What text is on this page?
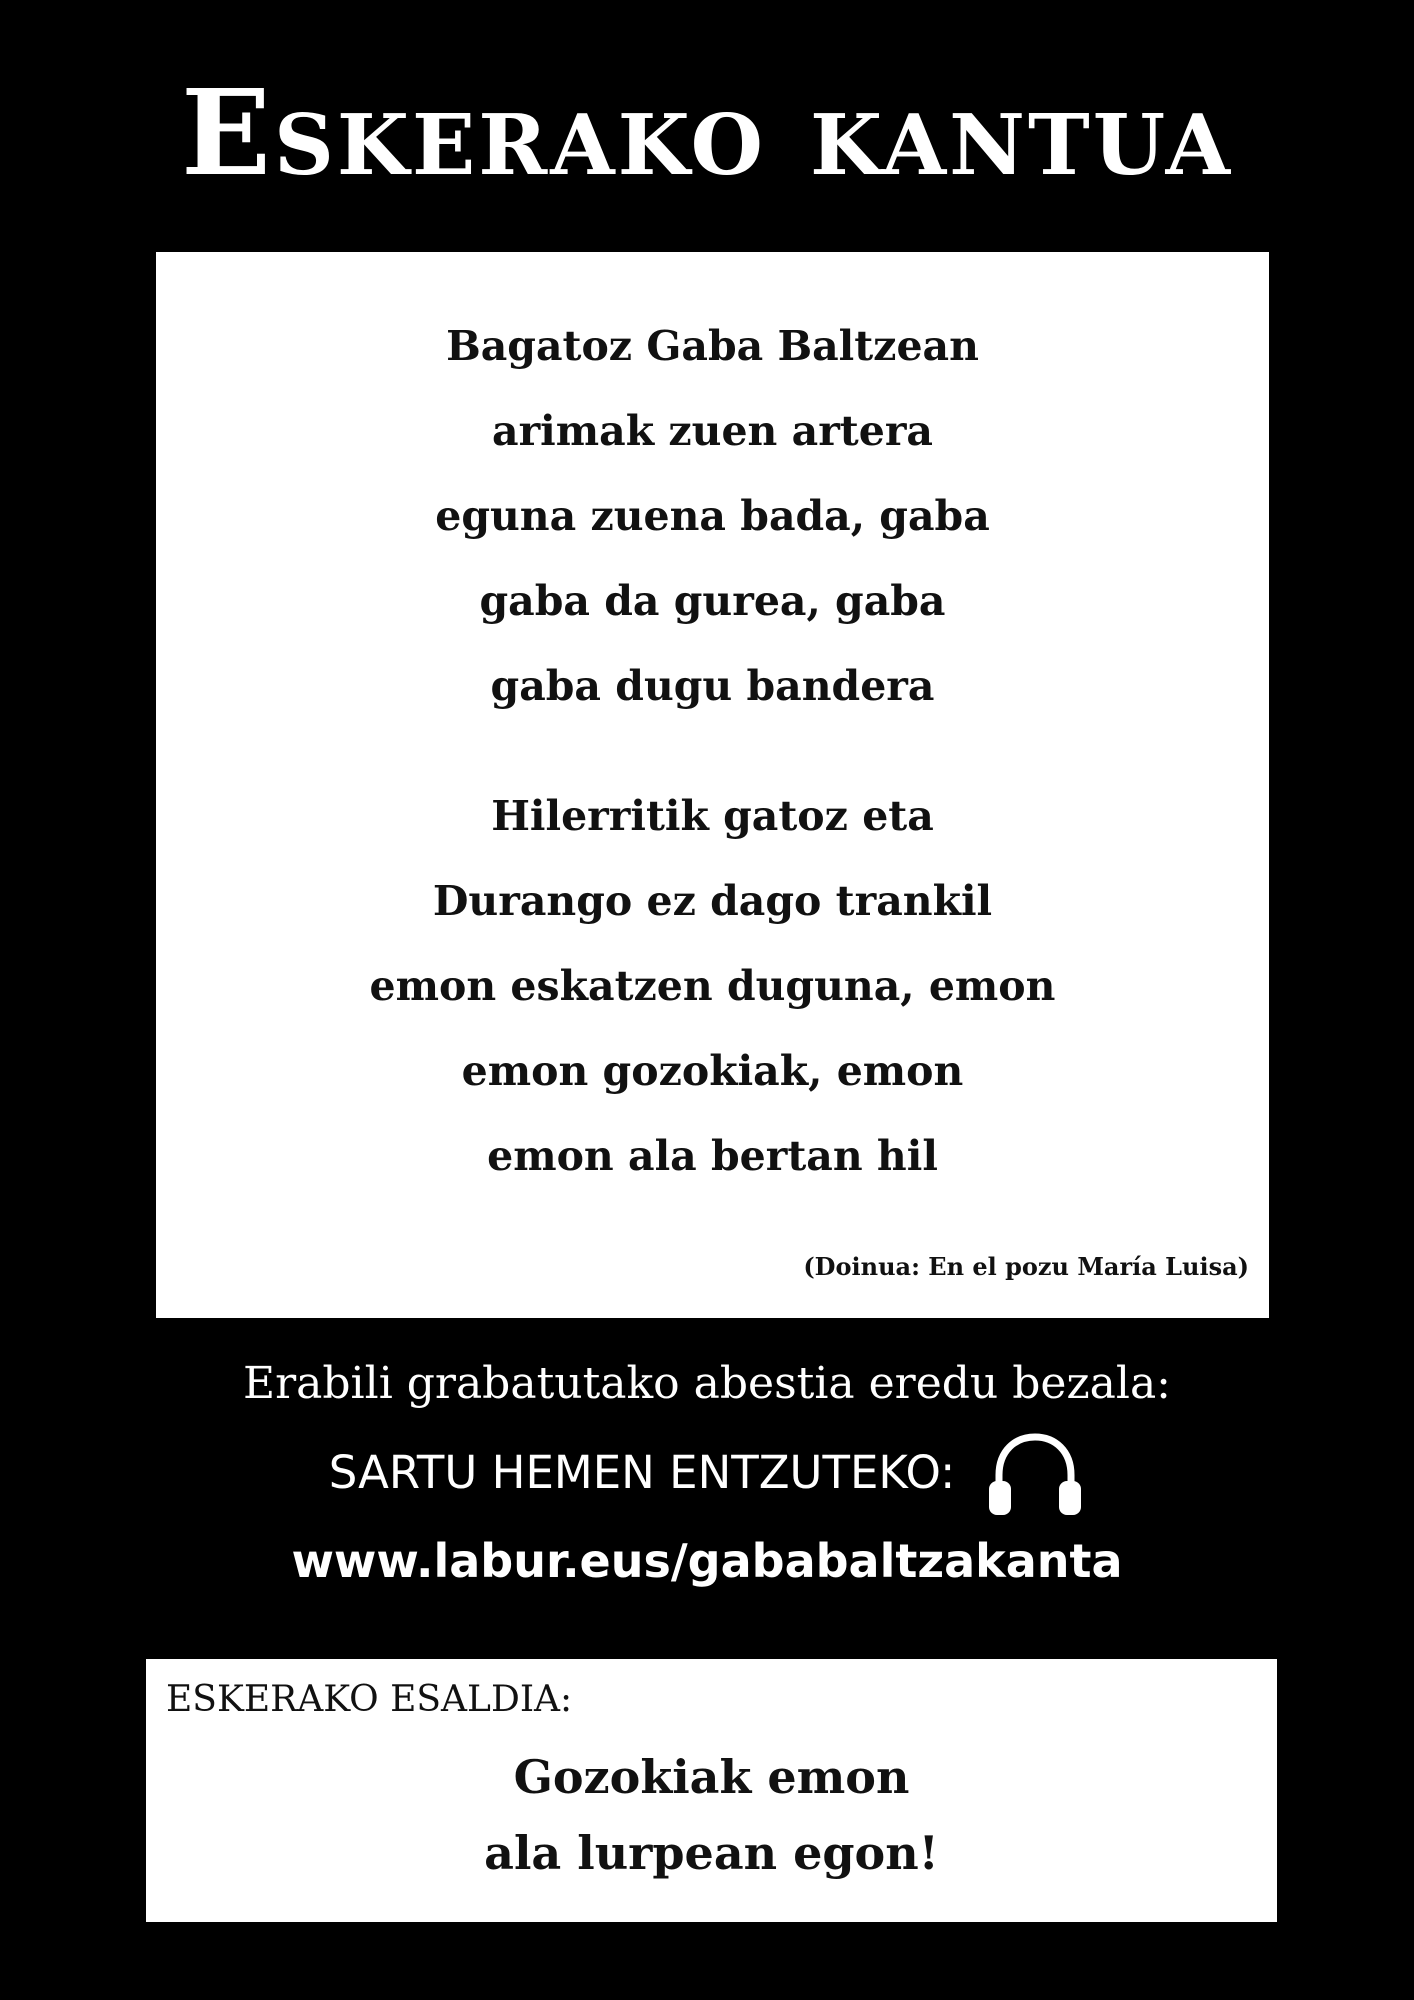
Eskerako kantua
Bagatoz Gaba Baltzean
arimak zuen artera
eguna zuena bada, gaba
gaba da gurea, gaba
gaba dugu bandera
Hilerritik gatoz eta
Durango ez dago trankil
emon eskatzen duguna, emon
emon gozokiak, emon
emon ala bertan hil
(Doinua: En el pozu María Luisa)
Erabili grabatutako abestia eredu bezala:
SARTU HEMEN ENTZUTEKO:
www.labur.eus/gababaltzakanta
ESKERAKO ESALDIA:
Gozokiak emon
ala lurpean egon!
